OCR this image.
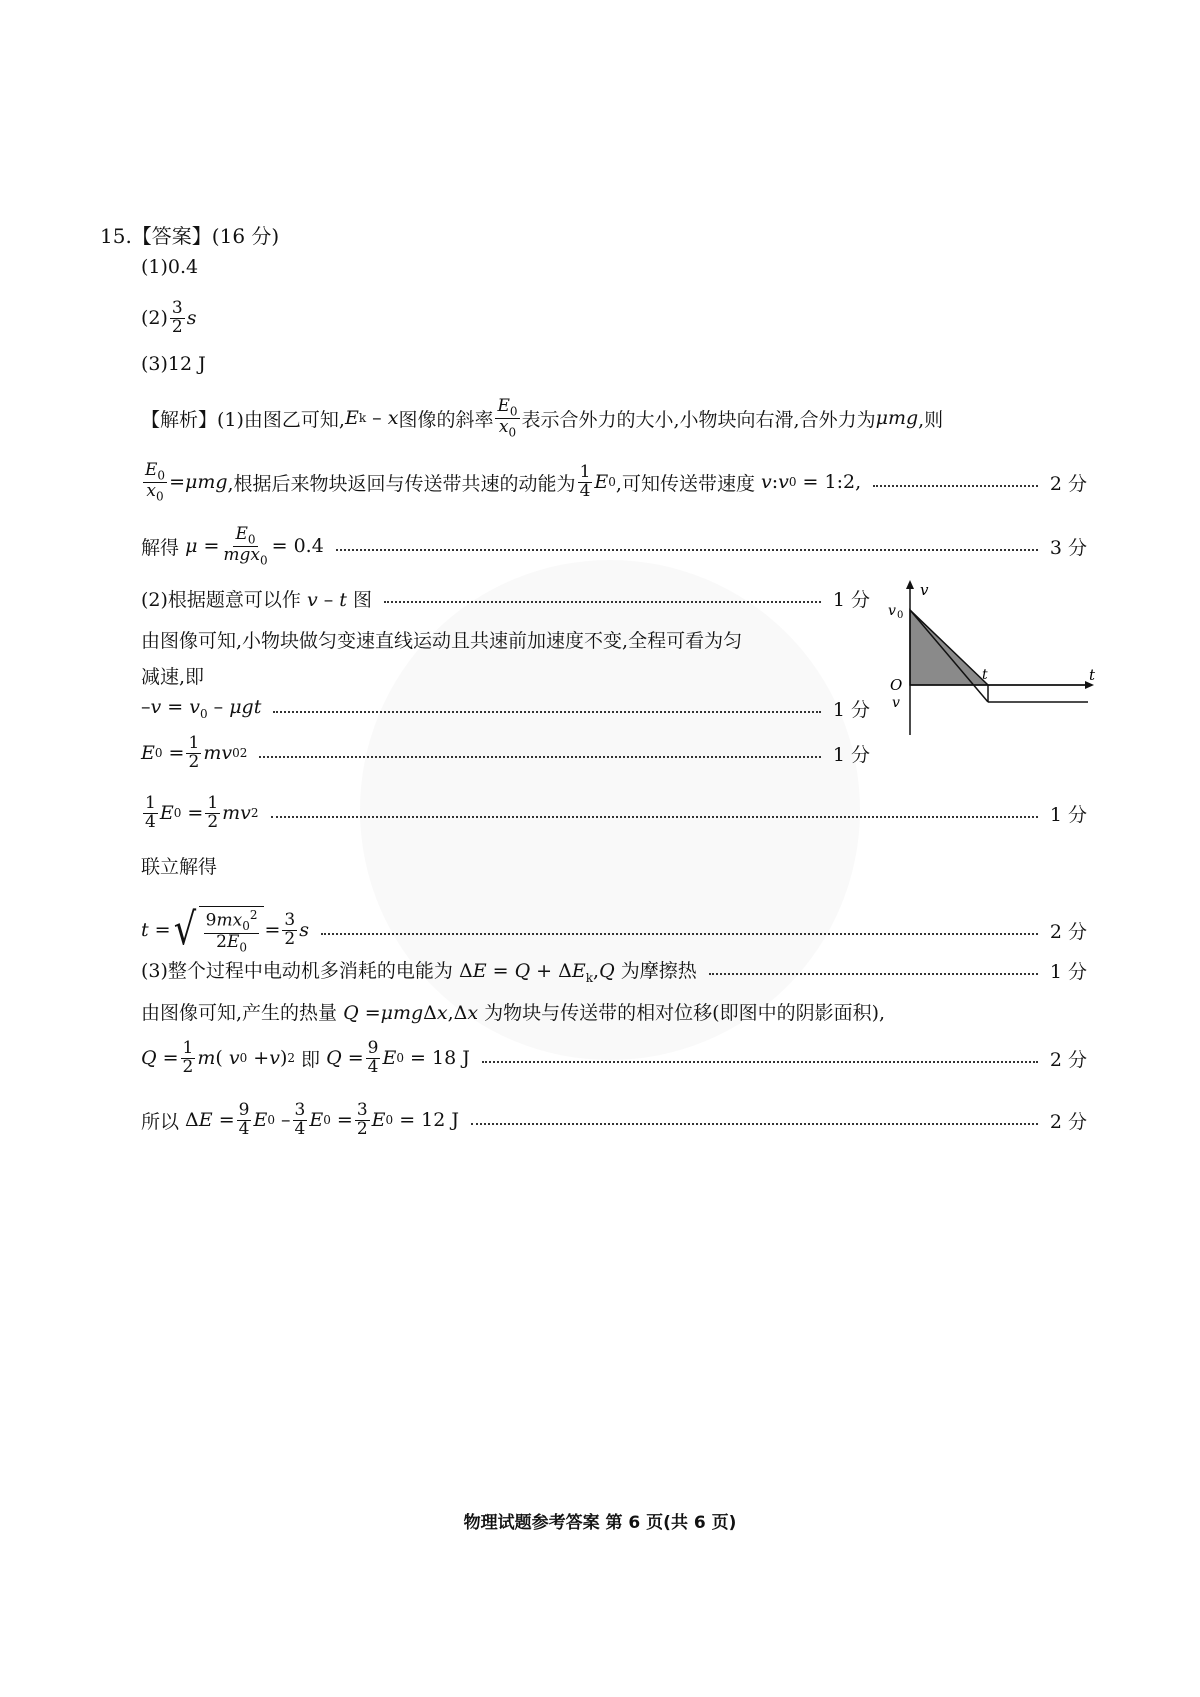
15.【答案】(16 分)
(1)0.4
$(2) \frac{3}{2}$ s
(3)12 J
【解析】(1)由图乙可知, E k – x 图像的斜率 $\frac{E_0}{x_0}$ 表示合外力的大小,小物块向右滑,合外力为 μmg ,则
$\frac{E_0}{x_0} = \mu mg$ ,根据后来物块返回与传送带共速的动能为 $\frac{1}{4}$ E 0 ,可知传送带速度
v : v 0 = 1:2,	2 分
解得
$\mu = \frac{E_0}{mgx_0} = 0.4$	3 分
(2)根据题意可以作 v – t 图	1 分
由图像可知,小物块做匀变速直线运动且共速前加速度不变,全程可看为匀
减速,即
$-v = v_0 - \mu gt$	1 分
E $0 = \frac{1}{2}$ mv 0 2	1 分
$\frac{1}{4}$ E $0 = \frac{1}{2}$ mv 2	1 分
联立解得
t = √ $\frac{9mx_0^2}{2E_0} = \frac{3}{2}$ s	2 分
(3)整个过程中电动机多消耗的电能为 $\Delta E = Q + \Delta E_k,Q$ 为摩擦热	1 分
由图像可知,产生的热量 Q =μmgΔx,Δx 为物块与传送带的相对位移(即图中的阴影面积),
$Q = \frac{1}{2}$ m ( v 0 + v ) 2
即
$Q = \frac{9}{4}$ E 0 = 18 J	2 分
所以 Δ $E = \frac{9}{4}$ E $0 - \frac{3}{4}$ E $0 = \frac{3}{2}$ E 0 = 12 J	2 分
v
v 0
t
t
O
v
物理试题参考答案 第 6 页(共 6 页)
